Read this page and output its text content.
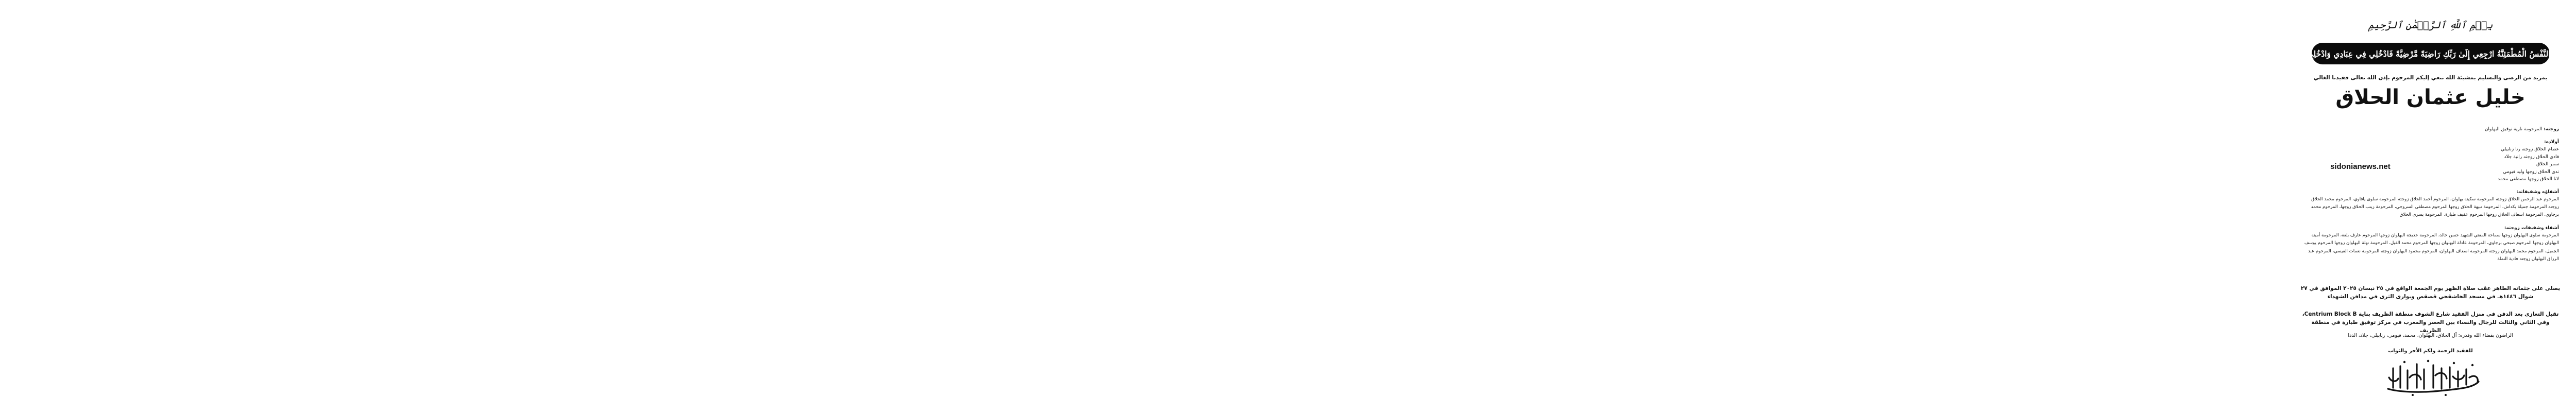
بِسۡمِ ٱللَّهِ ٱلرَّحۡمَٰنِ ٱلرَّحِيمِ
يَا أَيَّتُهَا النَّفْسُ الْمُطْمَئِنَّةُ ارْجِعِي إِلَىٰ رَبِّكِ رَاضِيَةً مَّرْضِيَّةً فَادْخُلِي فِي عِبَادِي وَادْخُلِي جَنَّتِي
بمزيد من الرضى والتسليم بمشيئة الله ننعي إليكم المرحوم بإذن الله تعالى فقيدنا الغالي
خليل عثمان الحلاق
زوجته: المرحومة نازية توفيق البهلوان
أولاده:
عصام الحلاق زوجته رنا زنابيلي
فادي الحلاق زوجته رانية جلاد
سمر الحلاق
ندى الحلاق زوجها وليد فيومي
لانا الحلاق زوجها مصطفى محمد
أشقاؤه وشقيقاته:
المرحوم عبد الرحمن الحلاق زوجته المرحومة سكينة بهلوان، المرحوم أحمد الحلاق زوجته المرحومة سلوى يافاوي، المرحوم محمد الحلاق زوجته المرحومة جميلة بكداش، المرحومة نبيهة الحلاق زوجها المرحوم مصطفى السروجي، المرحومة زينب الحلاق زوجها، المرحوم محمد برجاوي، المرحومة اسعاف الحلاق زوجها المرحوم عفيف طبارة، المرحومة يسرى الحلاق
أشقاء وشقيقات زوجته:
المرحومة سلوى البهلوان زوجها سماحة المفتي الشهيد حسن خالد، المرحومة خديجة البهلوان زوجها المرحوم عارف بلعة، المرحومة أمينة البهلوان زوجها المرحوم صبحي برجاوي، المرحومة عادلة البهلوان زوجها المرحوم محمد الفيل، المرحومة نهلة البهلوان زوجها المرحوم يوسف الجميل، المرحوم محمد البهلوان زوجته المرحومة اسعاف البهلوان، المرحوم محمود البهلوان زوجته المرحومة نعمات القيسي، المرحوم عبد الرزاق البهلوان زوجته فادية النملة
sidonianews.net
يصلى على جثمانه الطاهر عقب صلاة الظهر يوم الجمعة الواقع في ٢٥ نيسان ٢٠٢٥ الموافق في ٢٧
شوال ١٤٤٦هـ في مسجد الخاشقجي قصقص ويوارى الثرى في مدافن الشهداء
تقبل التعازي بعد الدفن في منزل الفقيد شارع الشوف منطقة الظريف بناية Centrium Block B،
وفي الثاني والثالث للرجال والنساء بين العصر والمغرب في مركز توفيق طبارة في منطقة الظريف
الراضون بقضاء الله وقدره: آل الحلاق، البهلوان، محمد، فيومي، زنابيلي، جلاد، الددا
للفقيد الرحمة ولكم الأجر والثواب
